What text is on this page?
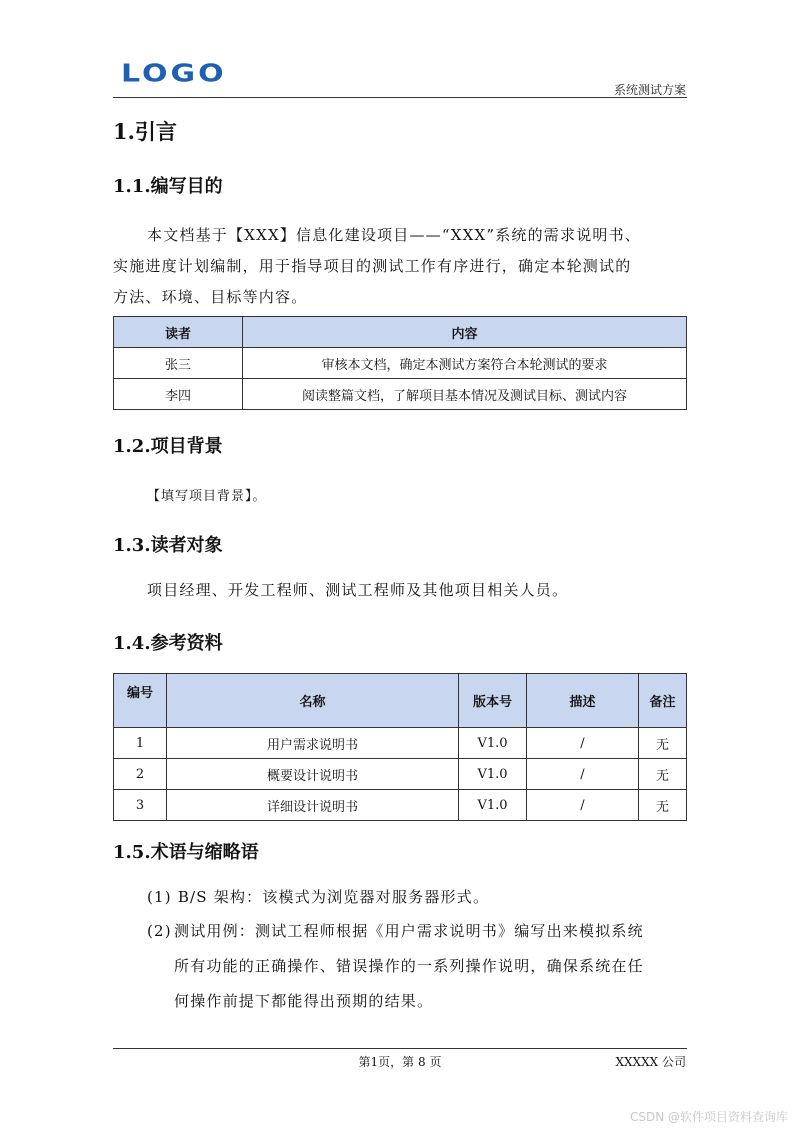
LOGO
系统测试方案
1.引言
1.1.编写目的
本文档基于【XXX】信息化建设项目——“XXX”系统的需求说明书、
实施进度计划编制，用于指导项目的测试工作有序进行，确定本轮测试的
方法、环境、目标等内容。
读者	内容
张三	审核本文档，确定本测试方案符合本轮测试的要求
李四	阅读整篇文档，了解项目基本情况及测试目标、测试内容
1.2.项目背景
【填写项目背景】。
1.3.读者对象
项目经理、开发工程师、测试工程师及其他项目相关人员。
1.4.参考资料
编号	名称	版本号	描述	备注
1	用户需求说明书	V1.0	/	无
2	概要设计说明书	V1.0	/	无
3	详细设计说明书	V1.0	/	无
1.5.术语与缩略语
(1) B/S 架构：该模式为浏览器对服务器形式。
(2) 测试用例：测试工程师根据《用户需求说明书》编写出来模拟系统
所有功能的正确操作、错误操作的一系列操作说明，确保系统在任
何操作前提下都能得出预期的结果。
第1页，第 8 页	XXXXX 公司
CSDN @软件项目资料查询库
